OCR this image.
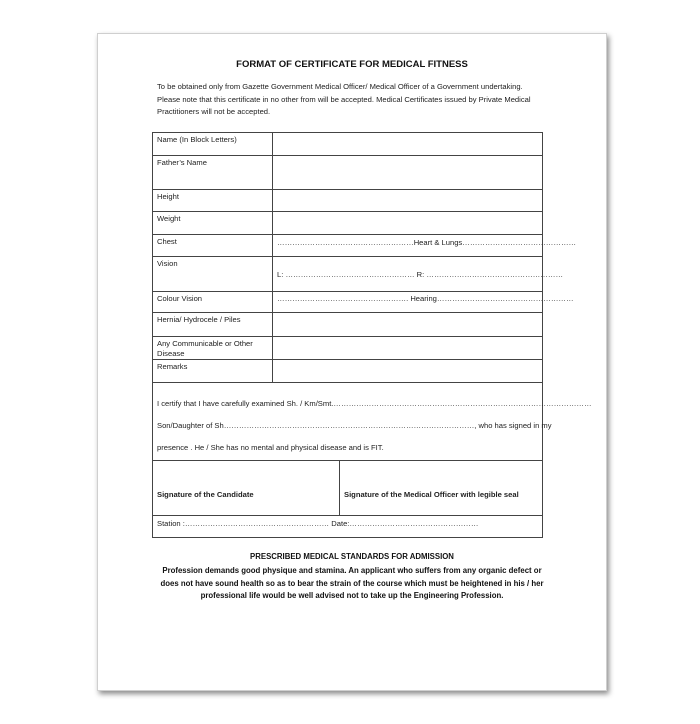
FORMAT OF CERTIFICATE FOR MEDICAL FITNESS
To be obtained only from Gazette Government Medical Officer/ Medical Officer of a Government undertaking. Please note that this certificate in no other from will be accepted. Medical Certificates issued by Private Medical Practitioners will not be accepted.
Name (In Block Letters)		
Father’s Name		
Height		
Weight		
Chest	………………………………………………Heart & Lungs………………………………………	

Vision	L: …………………………………………… R: ………………………………………………	

Colour Vision	……………………………………………. Hearing………………………………………………	

Hernia/ Hydrocele / Piles		
Any Communicable or Other Disease		
Remarks		

I certify that I have carefully examined Sh. / Km/Smt.…………………………………………………………………………………………
Son/Daughter of Sh………………………………………………………………………………………, who has signed in my
presence . He / She has no mental and physical disease and is FIT.		

Signature of the Candidate		Signature of the Medical Officer with legible seal

Station :………………………………………………… Date:……………………………………………		
PRESCRIBED MEDICAL STANDARDS FOR ADMISSION
Profession demands good physique and stamina. An applicant who suffers from any organic defect or does not have sound health so as to bear the strain of the course which must be heightened in his / her professional life would be well advised not to take up the Engineering Profession.
